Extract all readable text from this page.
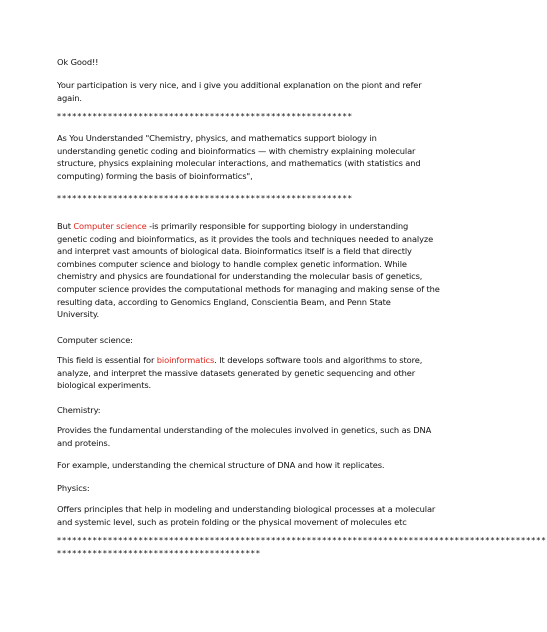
Ok Good!!

Your participation is very nice, and i give you additional explanation on the piont and refer
again.

**********************************************************

As You Understanded "Chemistry, physics, and mathematics support biology in
understanding genetic coding and bioinformatics — with chemistry explaining molecular
structure, physics explaining molecular interactions, and mathematics (with statistics and
computing) forming the basis of bioinformatics",

**********************************************************

But Computer science -is primarily responsible for supporting biology in understanding
genetic coding and bioinformatics, as it provides the tools and techniques needed to analyze
and interpret vast amounts of biological data. Bioinformatics itself is a field that directly
combines computer science and biology to handle complex genetic information. While
chemistry and physics are foundational for understanding the molecular basis of genetics,
computer science provides the computational methods for managing and making sense of the
resulting data, according to Genomics England, Conscientia Beam, and Penn State
University.

Computer science:

This field is essential for bioinformatics. It develops software tools and algorithms to store,
analyze, and interpret the massive datasets generated by genetic sequencing and other
biological experiments.

Chemistry:

Provides the fundamental understanding of the molecules involved in genetics, such as DNA
and proteins.

For example, understanding the chemical structure of DNA and how it replicates.

Physics:

Offers principles that help in modeling and understanding biological processes at a molecular
and systemic level, such as protein folding or the physical movement of molecules etc

************************************************************************************************
****************************************
